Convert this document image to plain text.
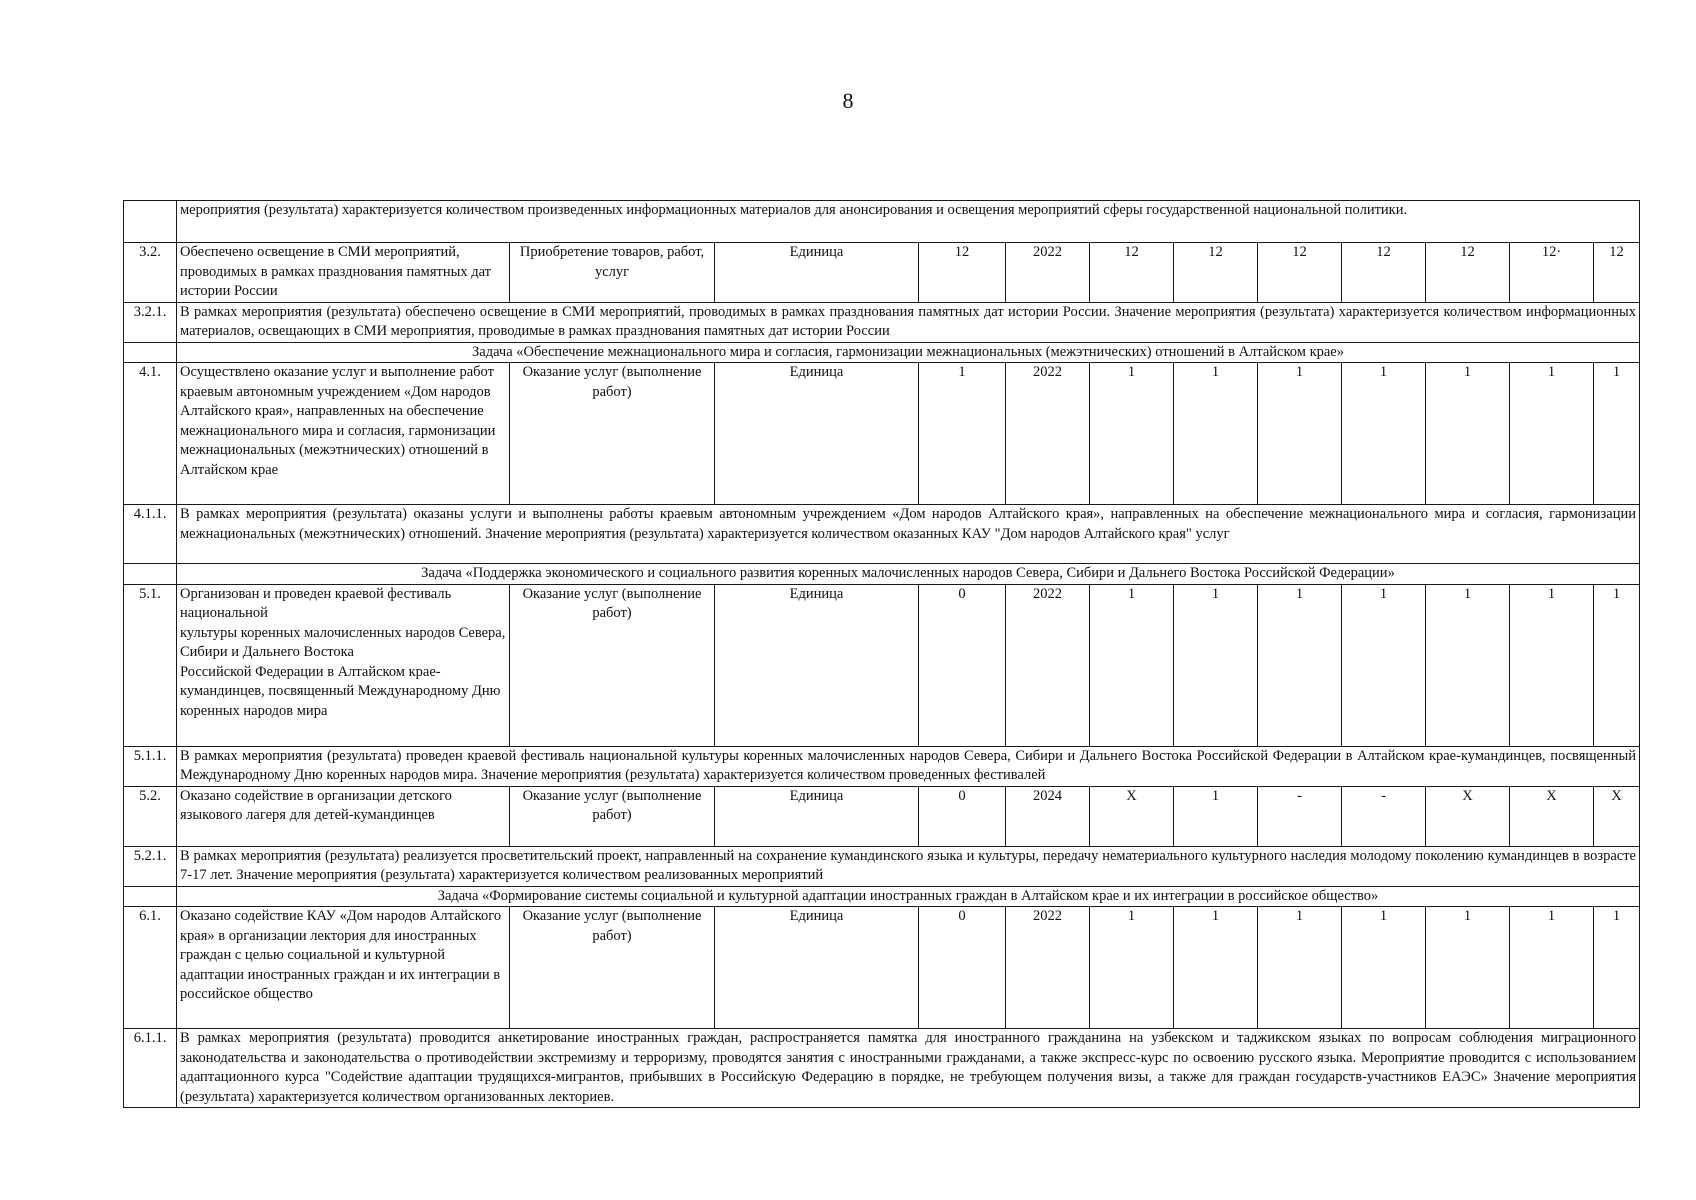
8
	мероприятия (результата) характеризуется количеством произведенных информационных материалов для анонсирования и освещения мероприятий сферы государственной национальной политики.											
3.2.	Обеспечено освещение в СМИ мероприятий, проводимых в рамках празднования памятных дат истории России	Приобретение товаров, работ, услуг	Единица	12	2022	12	12	12	12	12	12·	12
3.2.1.	В рамках мероприятия (результата) обеспечено освещение в СМИ мероприятий, проводимых в рамках празднования памятных дат истории России. Значение мероприятия (результата) характеризуется количеством информационных материалов, освещающих в СМИ мероприятия, проводимые в рамках празднования памятных дат истории России											
	Задача «Обеспечение межнационального мира и согласия, гармонизации межнациональных (межэтнических) отношений в Алтайском крае»											
4.1.	Осуществлено оказание услуг и выполнение работ краевым автономным учреждением «Дом народов Алтайского края», направленных на обеспечение межнационального мира и согласия, гармонизации межнациональных (межэтнических) отношений в Алтайском крае	Оказание услуг (выполнение работ)	Единица	1	2022	1	1	1	1	1	1	1
4.1.1.	В рамках мероприятия (результата) оказаны услуги и выполнены работы краевым автономным учреждением «Дом народов Алтайского края», направленных на обеспечение межнационального мира и согласия, гармонизации межнациональных (межэтнических) отношений. Значение мероприятия (результата) характеризуется количеством оказанных КАУ "Дом народов Алтайского края" услуг											
	Задача «Поддержка экономического и социального развития коренных малочисленных народов Севера, Сибири и Дальнего Востока Российской Федерации»											
5.1.	Организован и проведен краевой фестиваль национальной
культуры коренных малочисленных народов Севера, Сибири и Дальнего Востока
Российской Федерации в Алтайском крае-кумандинцев, посвященный Международному Дню коренных народов мира	Оказание услуг (выполнение работ)	Единица	0	2022	1	1	1	1	1	1	1
5.1.1.	В рамках мероприятия (результата) проведен краевой фестиваль национальной культуры коренных малочисленных народов Севера, Сибири и Дальнего Востока Российской Федерации в Алтайском крае-кумандинцев, посвященный Международному Дню коренных народов мира. Значение мероприятия (результата) характеризуется количеством проведенных фестивалей											
5.2.	Оказано содействие в организации детского языкового лагеря для детей-кумандинцев	Оказание услуг (выполнение работ)	Единица	0	2024	X	1	-	-	X	X	X
5.2.1.	В рамках мероприятия (результата) реализуется просветительский проект, направленный на сохранение кумандинского языка и культуры, передачу нематериального культурного наследия молодому поколению кумандинцев в возрасте 7-17 лет. Значение мероприятия (результата) характеризуется количеством реализованных мероприятий											
	Задача «Формирование системы социальной и культурной адаптации иностранных граждан в Алтайском крае и их интеграции в российское общество»											
6.1.	Оказано содействие КАУ «Дом народов Алтайского края» в организации лектория для иностранных граждан с целью социальной и культурной адаптации иностранных граждан и их интеграции в российское общество	Оказание услуг (выполнение работ)	Единица	0	2022	1	1	1	1	1	1	1
6.1.1.	В рамках мероприятия (результата) проводится анкетирование иностранных граждан, распространяется памятка для иностранного гражданина на узбекском и таджикском языках по вопросам соблюдения миграционного законодательства и законодательства о противодействии экстремизму и терроризму, проводятся занятия с иностранными гражданами, а также экспресс-курс по освоению русского языка. Мероприятие проводится с использованием адаптационного курса "Содействие адаптации трудящихся-мигрантов, прибывших в Российскую Федерацию в порядке, не требующем получения визы, а также для граждан государств-участников ЕАЭС» Значение мероприятия (результата) характеризуется количеством организованных лекториев.											
